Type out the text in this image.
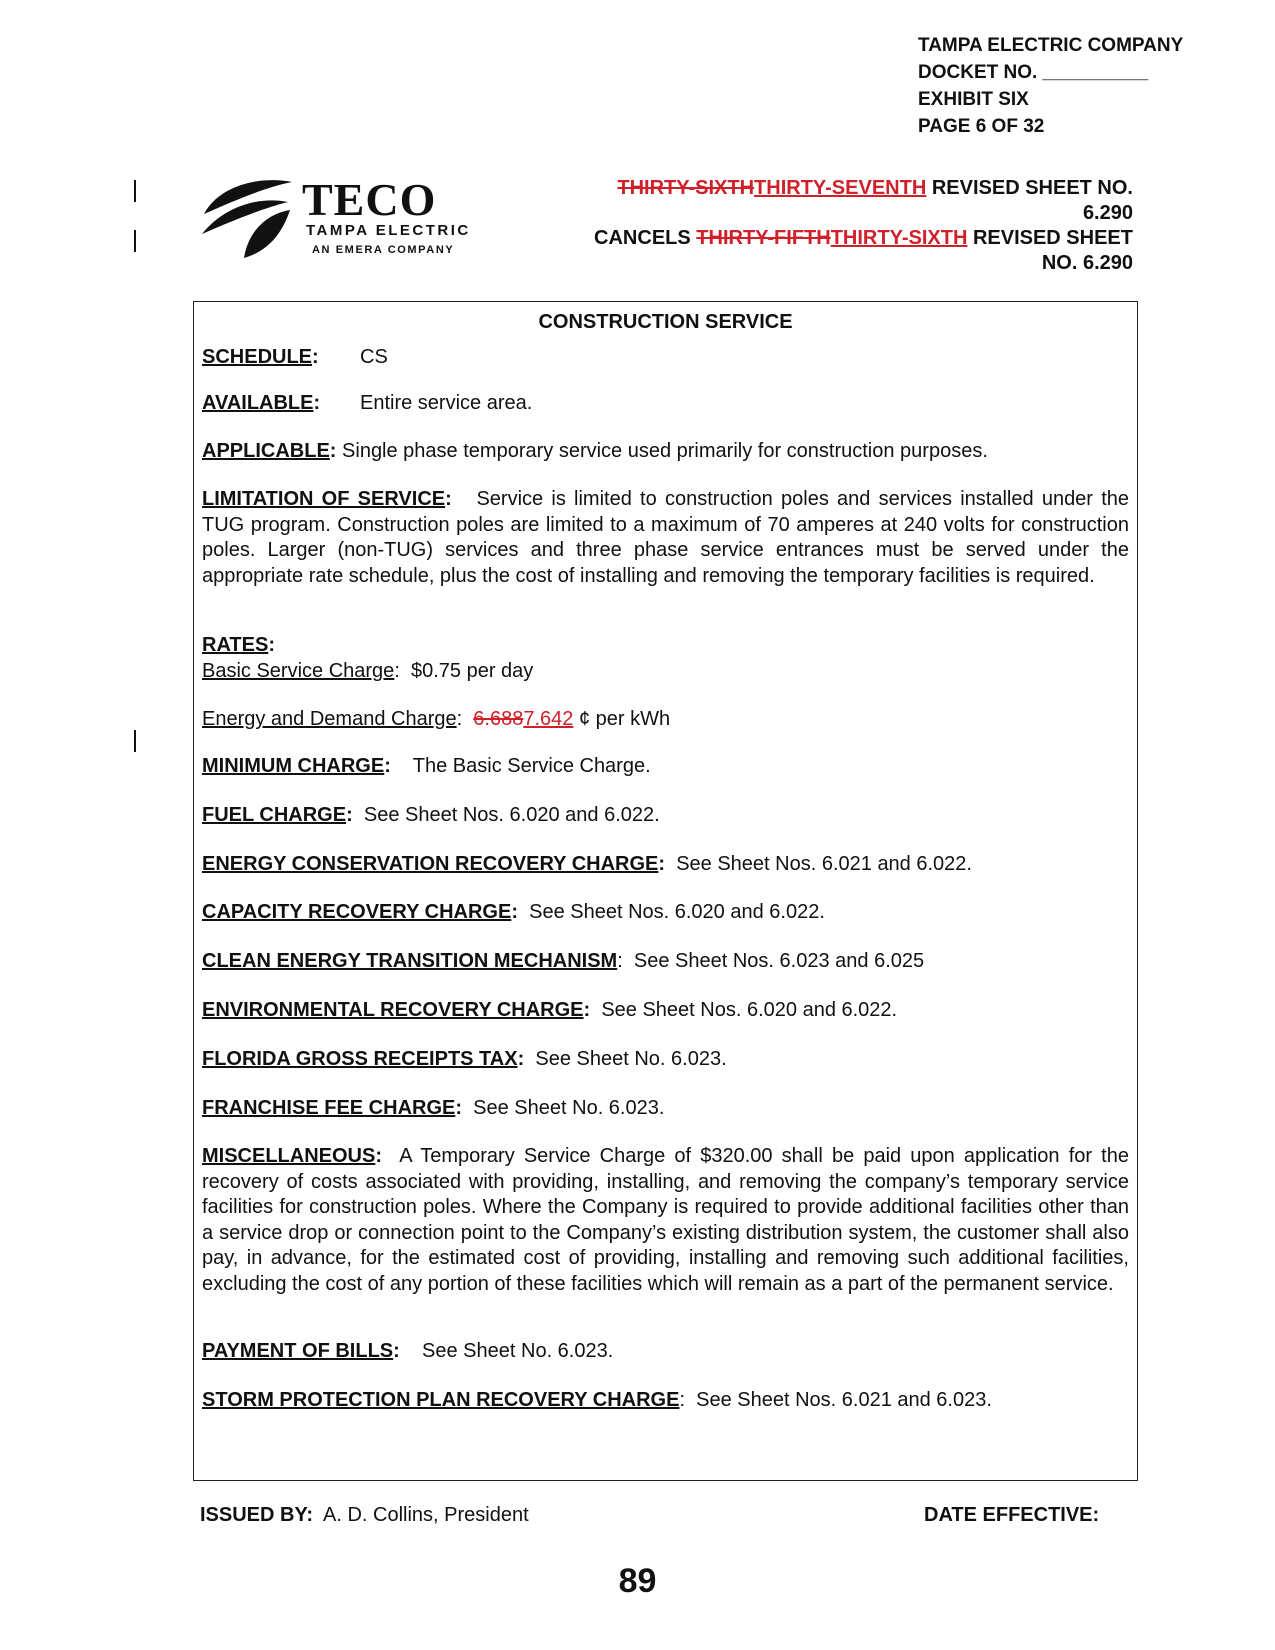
TAMPA ELECTRIC COMPANY
DOCKET NO. __________
EXHIBIT SIX
PAGE 6 OF 32
TECO
TAMPA ELECTRIC
AN EMERA COMPANY
THIRTY-SIXTHTHIRTY-SEVENTH REVISED SHEET NO.
6.290
CANCELS THIRTY-FIFTHTHIRTY-SIXTH REVISED SHEET
NO. 6.290
CONSTRUCTION SERVICE
SCHEDULE: CS
AVAILABLE: Entire service area.
APPLICABLE: Single phase temporary service used primarily for construction purposes.
LIMITATION OF SERVICE: Service is limited to construction poles and services installed under the TUG program. Construction poles are limited to a maximum of 70 amperes at 240 volts for construction poles. Larger (non-TUG) services and three phase service entrances must be served under the appropriate rate schedule, plus the cost of installing and removing the temporary facilities is required.
RATES:
Basic Service Charge:  $0.75 per day
Energy and Demand Charge:  6.6887.642 ¢ per kWh
MINIMUM CHARGE: The Basic Service Charge.
FUEL CHARGE: See Sheet Nos. 6.020 and 6.022.
ENERGY CONSERVATION RECOVERY CHARGE: See Sheet Nos. 6.021 and 6.022.
CAPACITY RECOVERY CHARGE: See Sheet Nos. 6.020 and 6.022.
CLEAN ENERGY TRANSITION MECHANISM:  See Sheet Nos. 6.023 and 6.025
ENVIRONMENTAL RECOVERY CHARGE: See Sheet Nos. 6.020 and 6.022.
FLORIDA GROSS RECEIPTS TAX: See Sheet No. 6.023.
FRANCHISE FEE CHARGE: See Sheet No. 6.023.
MISCELLANEOUS: A Temporary Service Charge of $320.00 shall be paid upon application for the recovery of costs associated with providing, installing, and removing the company’s temporary service facilities for construction poles. Where the Company is required to provide additional facilities other than a service drop or connection point to the Company’s existing distribution system, the customer shall also pay, in advance, for the estimated cost of providing, installing and removing such additional facilities, excluding the cost of any portion of these facilities which will remain as a part of the permanent service.
PAYMENT OF BILLS: See Sheet No. 6.023.
STORM PROTECTION PLAN RECOVERY CHARGE:  See Sheet Nos. 6.021 and 6.023.
ISSUED BY: A. D. Collins, President	DATE EFFECTIVE:
89
